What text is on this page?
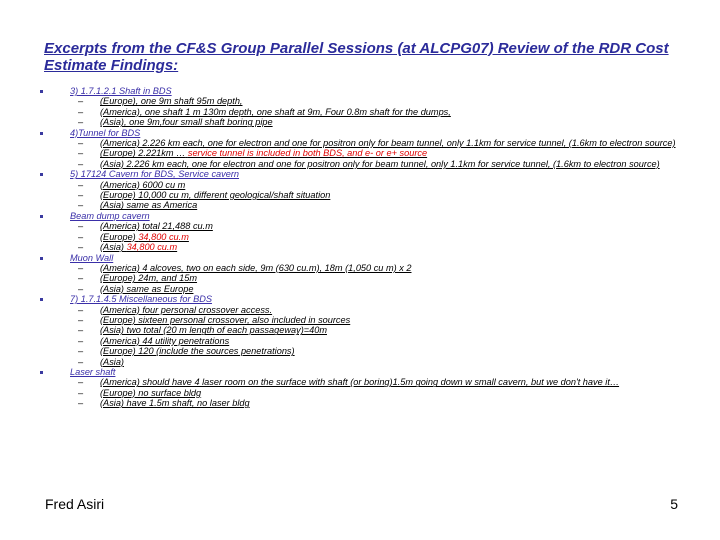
Excerpts from the CF&S Group Parallel Sessions (at ALCPG07) Review of the RDR Cost Estimate Findings:
3) 1.7.1.2.1 Shaft in BDS
– (Europe), one 9m shaft 95m depth,
– (America), one shaft 1 m 130m depth, one shaft at 9m, Four 0.8m shaft for the dumps,
– (Asia), one 9m,four small shaft boring pipe
4)Tunnel for BDS
– (America) 2.226 km each, one for electron and one for positron only for beam tunnel, only 1.1km for service tunnel, (1.6km to electron source)
– (Europe) 2.221km … service tunnel is included in both BDS, and e- or e+ source
– (Asia) 2.226 km each, one for electron and one for positron only for beam tunnel, only 1.1km for service tunnel, (1.6km to electron source)
5) 17124 Cavern for BDS, Service cavern
– (America) 6000 cu m
– (Europe) 10,000 cu m, different geological/shaft situation
– (Asia) same as America
Beam dump cavern
– (America) total 21,488 cu.m
– (Europe) 34,800 cu.m
– (Asia) 34,800 cu.m
Muon Wall
– (America) 4 alcoves, two on each side, 9m (630 cu.m), 18m (1,050 cu m) x 2
– (Europe) 24m, and 15m
– (Asia) same as Europe
7) 1.7.1.4.5 Miscellaneous for BDS
– (America) four personal crossover access.
– (Europe) sixteen personal crossover, also included in sources
– (Asia) two total (20 m length of each passageway)=40m
– (America) 44 utility penetrations
– (Europe) 120 (include the sources penetrations)
– (Asia)
Laser shaft
– (America) should have 4 laser room on the surface with shaft (or boring)1.5m going down w small cavern, but we don't have it…
– (Europe) no surface bldg
– (Asia) have 1.5m shaft, no laser bldg

Fred Asiri	5
